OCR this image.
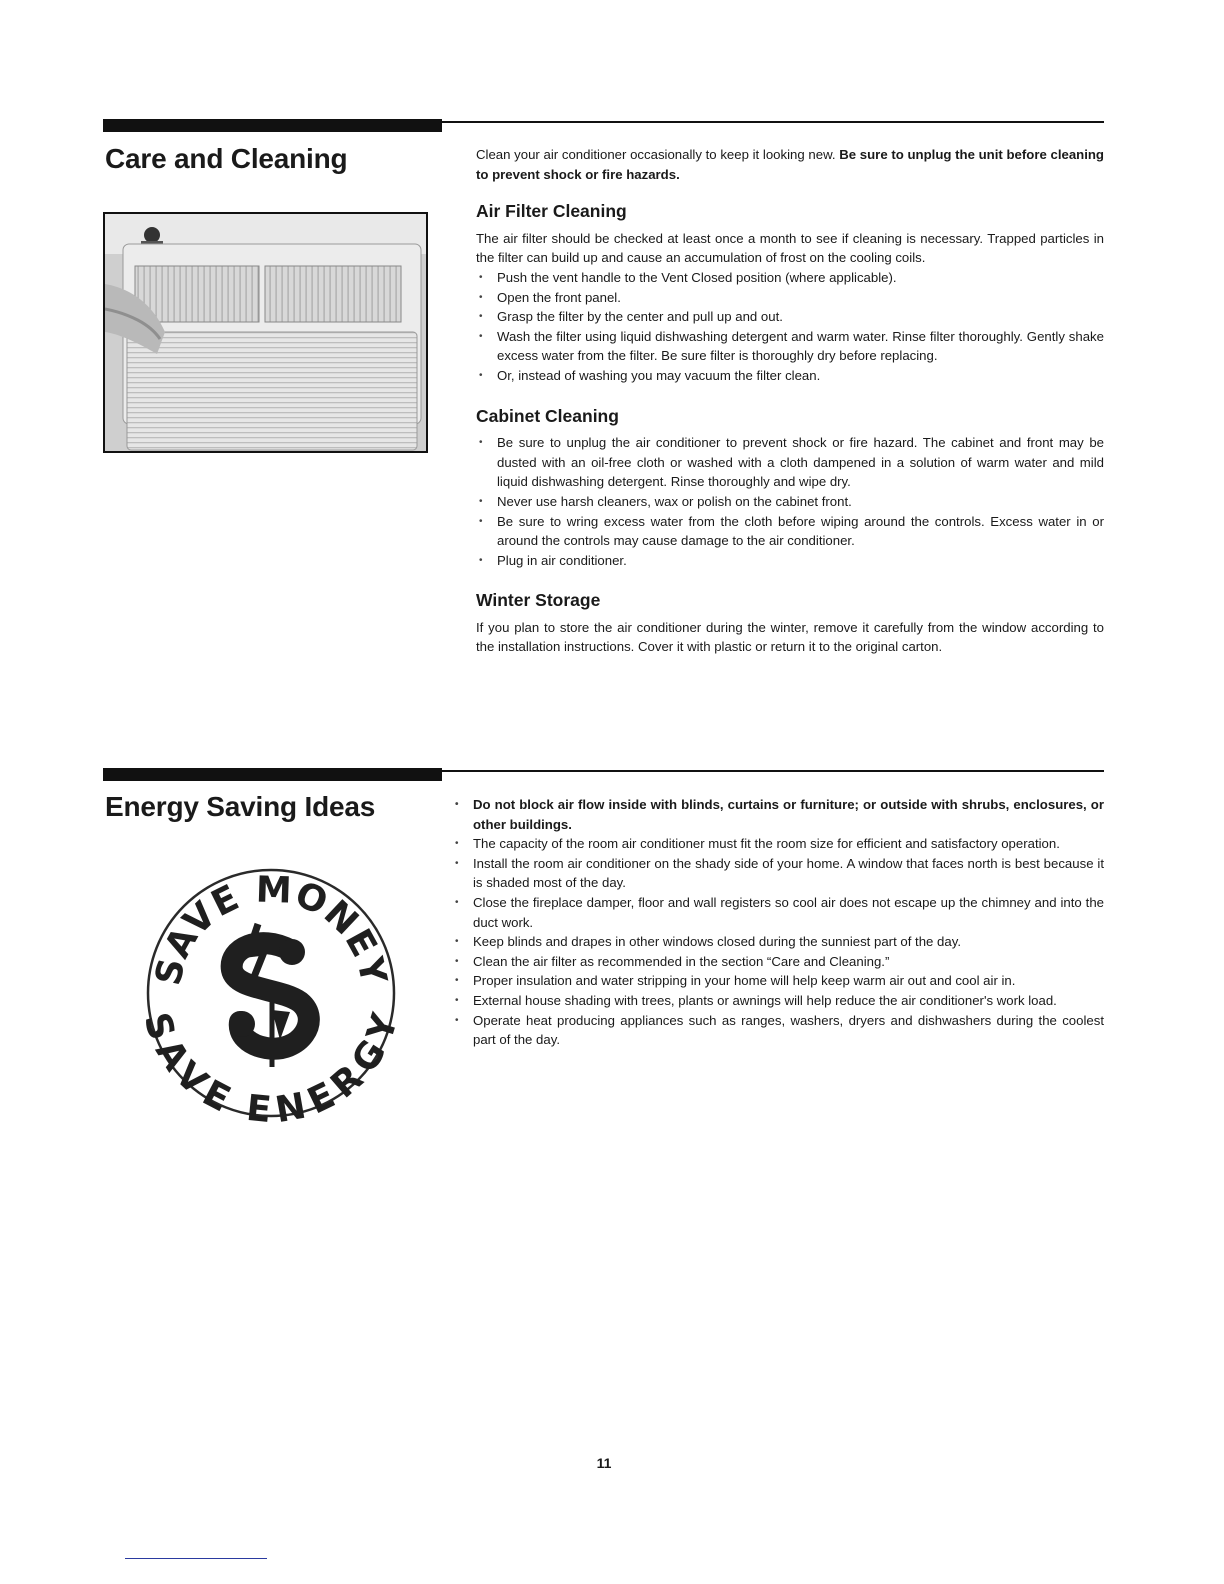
Care and Cleaning	Clean your air conditioner occasionally to keep it looking new. Be sure to unplug the unit before cleaning to prevent shock or fire hazards.

Air Filter Cleaning

The air filter should be checked at least once a month to see if cleaning is necessary. Trapped particles in the filter can build up and cause an accumulation of frost on the cooling coils.

• Push the vent handle to the Vent Closed position (where applicable).
• Open the front panel.
• Grasp the filter by the center and pull up and out.
• Wash the filter using liquid dishwashing detergent and warm water. Rinse filter thoroughly. Gently shake excess water from the filter. Be sure filter is thoroughly dry before replacing.
• Or, instead of washing you may vacuum the filter clean.
Cabinet Cleaning
• Be sure to unplug the air conditioner to prevent shock or fire hazard. The cabinet and front may be dusted with an oil-free cloth or washed with a cloth dampened in a solution of warm water and mild liquid dishwashing detergent. Rinse thoroughly and wipe dry.
• Never use harsh cleaners, wax or polish on the cabinet front.
• Be sure to wring excess water from the cloth before wiping around the controls. Excess water in or around the controls may cause damage to the air conditioner.
• Plug in air conditioner.
Winter Storage

If you plan to store the air conditioner during the winter, remove it carefully from the window according to the installation instructions. Cover it with plastic or return it to the original carton.

Energy Saving Ideas
SAVE MONEY
SAVE ENERGY
• Do not block air flow inside with blinds, curtains or furniture; or outside with shrubs, enclosures, or other buildings.
• The capacity of the room air conditioner must fit the room size for efficient and satisfactory operation.
• Install the room air conditioner on the shady side of your home. A window that faces north is best because it is shaded most of the day.
• Close the fireplace damper, floor and wall registers so cool air does not escape up the chimney and into the duct work.
• Keep blinds and drapes in other windows closed during the sunniest part of the day.
• Clean the air filter as recommended in the section “Care and Cleaning.”
• Proper insulation and water stripping in your home will help keep warm air out and cool air in.
• External house shading with trees, plants or awnings will help reduce the air conditioner's work load.
• Operate heat producing appliances such as ranges, washers, dryers and dishwashers during the coolest part of the day.
11
